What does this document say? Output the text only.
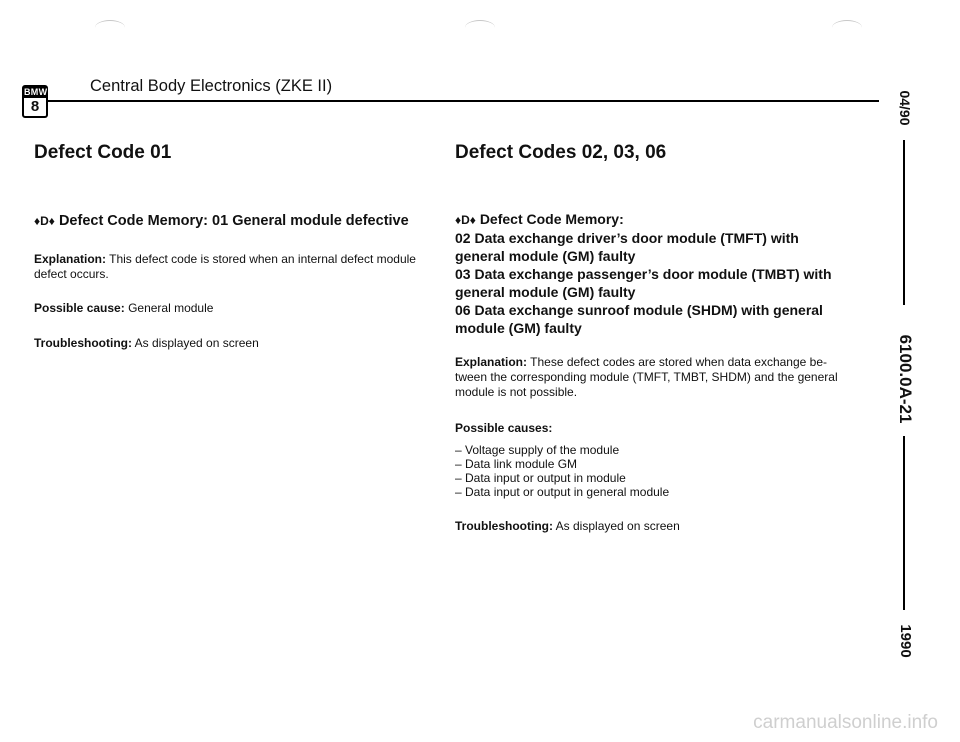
BMW
8
Central Body Electronics (ZKE II)
Defect Code 01
♦D♦ Defect Code Memory: 01 General module defective
Explanation: This defect code is stored when an internal defect module
defect occurs.
Possible cause: General module
Troubleshooting: As displayed on screen
Defect Codes 02, 03, 06
♦D♦ Defect Code Memory:
02 Data exchange driver’s door module (TMFT) with
general module (GM) faulty
03 Data exchange passenger’s door module (TMBT) with
general module (GM) faulty
06 Data exchange sunroof module (SHDM) with general
module (GM) faulty
Explanation: These defect codes are stored when data exchange be-
tween the corresponding module (TMFT, TMBT, SHDM) and the general
module is not possible.
Possible causes:
– Voltage supply of the module
– Data link module GM
– Data input or output in module
– Data input or output in general module
Troubleshooting: As displayed on screen
04/90
6100.0A-21
1990
carmanualsonline.info
